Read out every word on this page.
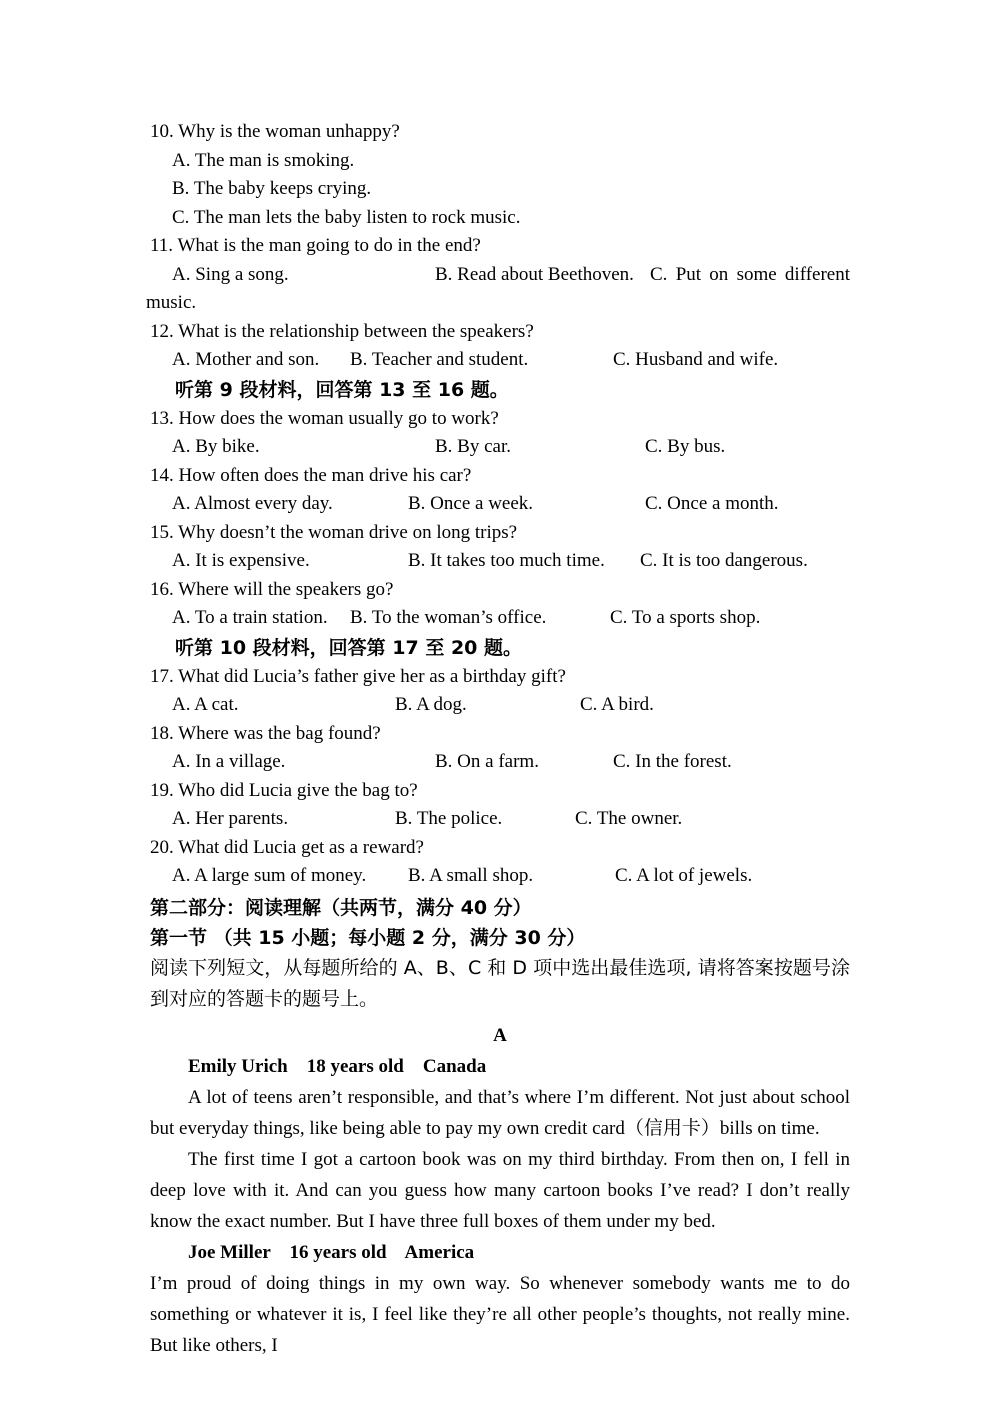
10. Why is the woman unhappy?
A. The man is smoking.
B. The baby keeps crying.
C. The man lets the baby listen to rock music.
11. What is the man going to do in the end?

A. Sing a song.

	B. Read about Beethoven.

C. Put on some different

music.
12. What is the relationship between the speakers?

A. Mother and son.

B. Teacher and student.

	C. Husband and wife.

听第 9 段材料，回答第 13 至 16 题。
13. How does the woman usually go to work?

A. By bike.

	B. By car.

	C. By bus.

14. How often does the man drive his car?

A. Almost every day.

	B. Once a week.

	C. Once a month.

15. Why doesn’t the woman drive on long trips?

A. It is expensive.

	B. It takes too much time.

C. It is too dangerous.

16. Where will the speakers go?

A. To a train station.

B. To the woman’s office.

	C. To a sports shop.

听第 10 段材料，回答第 17 至 20 题。
17. What did Lucia’s father give her as a birthday gift?

A. A cat.

	B. A dog.

	C. A bird.

18. Where was the bag found?

A. In a village.

	B. On a farm.

	C. In the forest.

19. Who did Lucia give the bag to?

A. Her parents.

	B. The police.

	C. The owner.

20. What did Lucia get as a reward?

A. A large sum of money.

B. A small shop.

	C. A lot of jewels.

第二部分：阅读理解（共两节，满分 40 分）
第一节 （共 15 小题；每小题 2 分，满分 30 分）
阅读下列短文，从每题所给的 A、B、C 和 D 项中选出最佳选项, 请将答案按题号涂到对应的答题卡的题号上。
A
Emily Urich    18 years old    Canada

A lot of teens aren’t responsible, and that’s where I’m different. Not just about school but everyday things, like being able to pay my own credit card（信用卡）bills on time.

The first time I got a cartoon book was on my third birthday. From then on, I fell in deep love with it. And can you guess how many cartoon books I’ve read? I don’t really know the exact number. But I have three full boxes of them under my bed.

Joe Miller    16 years old    America

I’m proud of doing things in my own way. So whenever somebody wants me to do something or whatever it is, I feel like they’re all other people’s thoughts, not really mine. But like others, I
